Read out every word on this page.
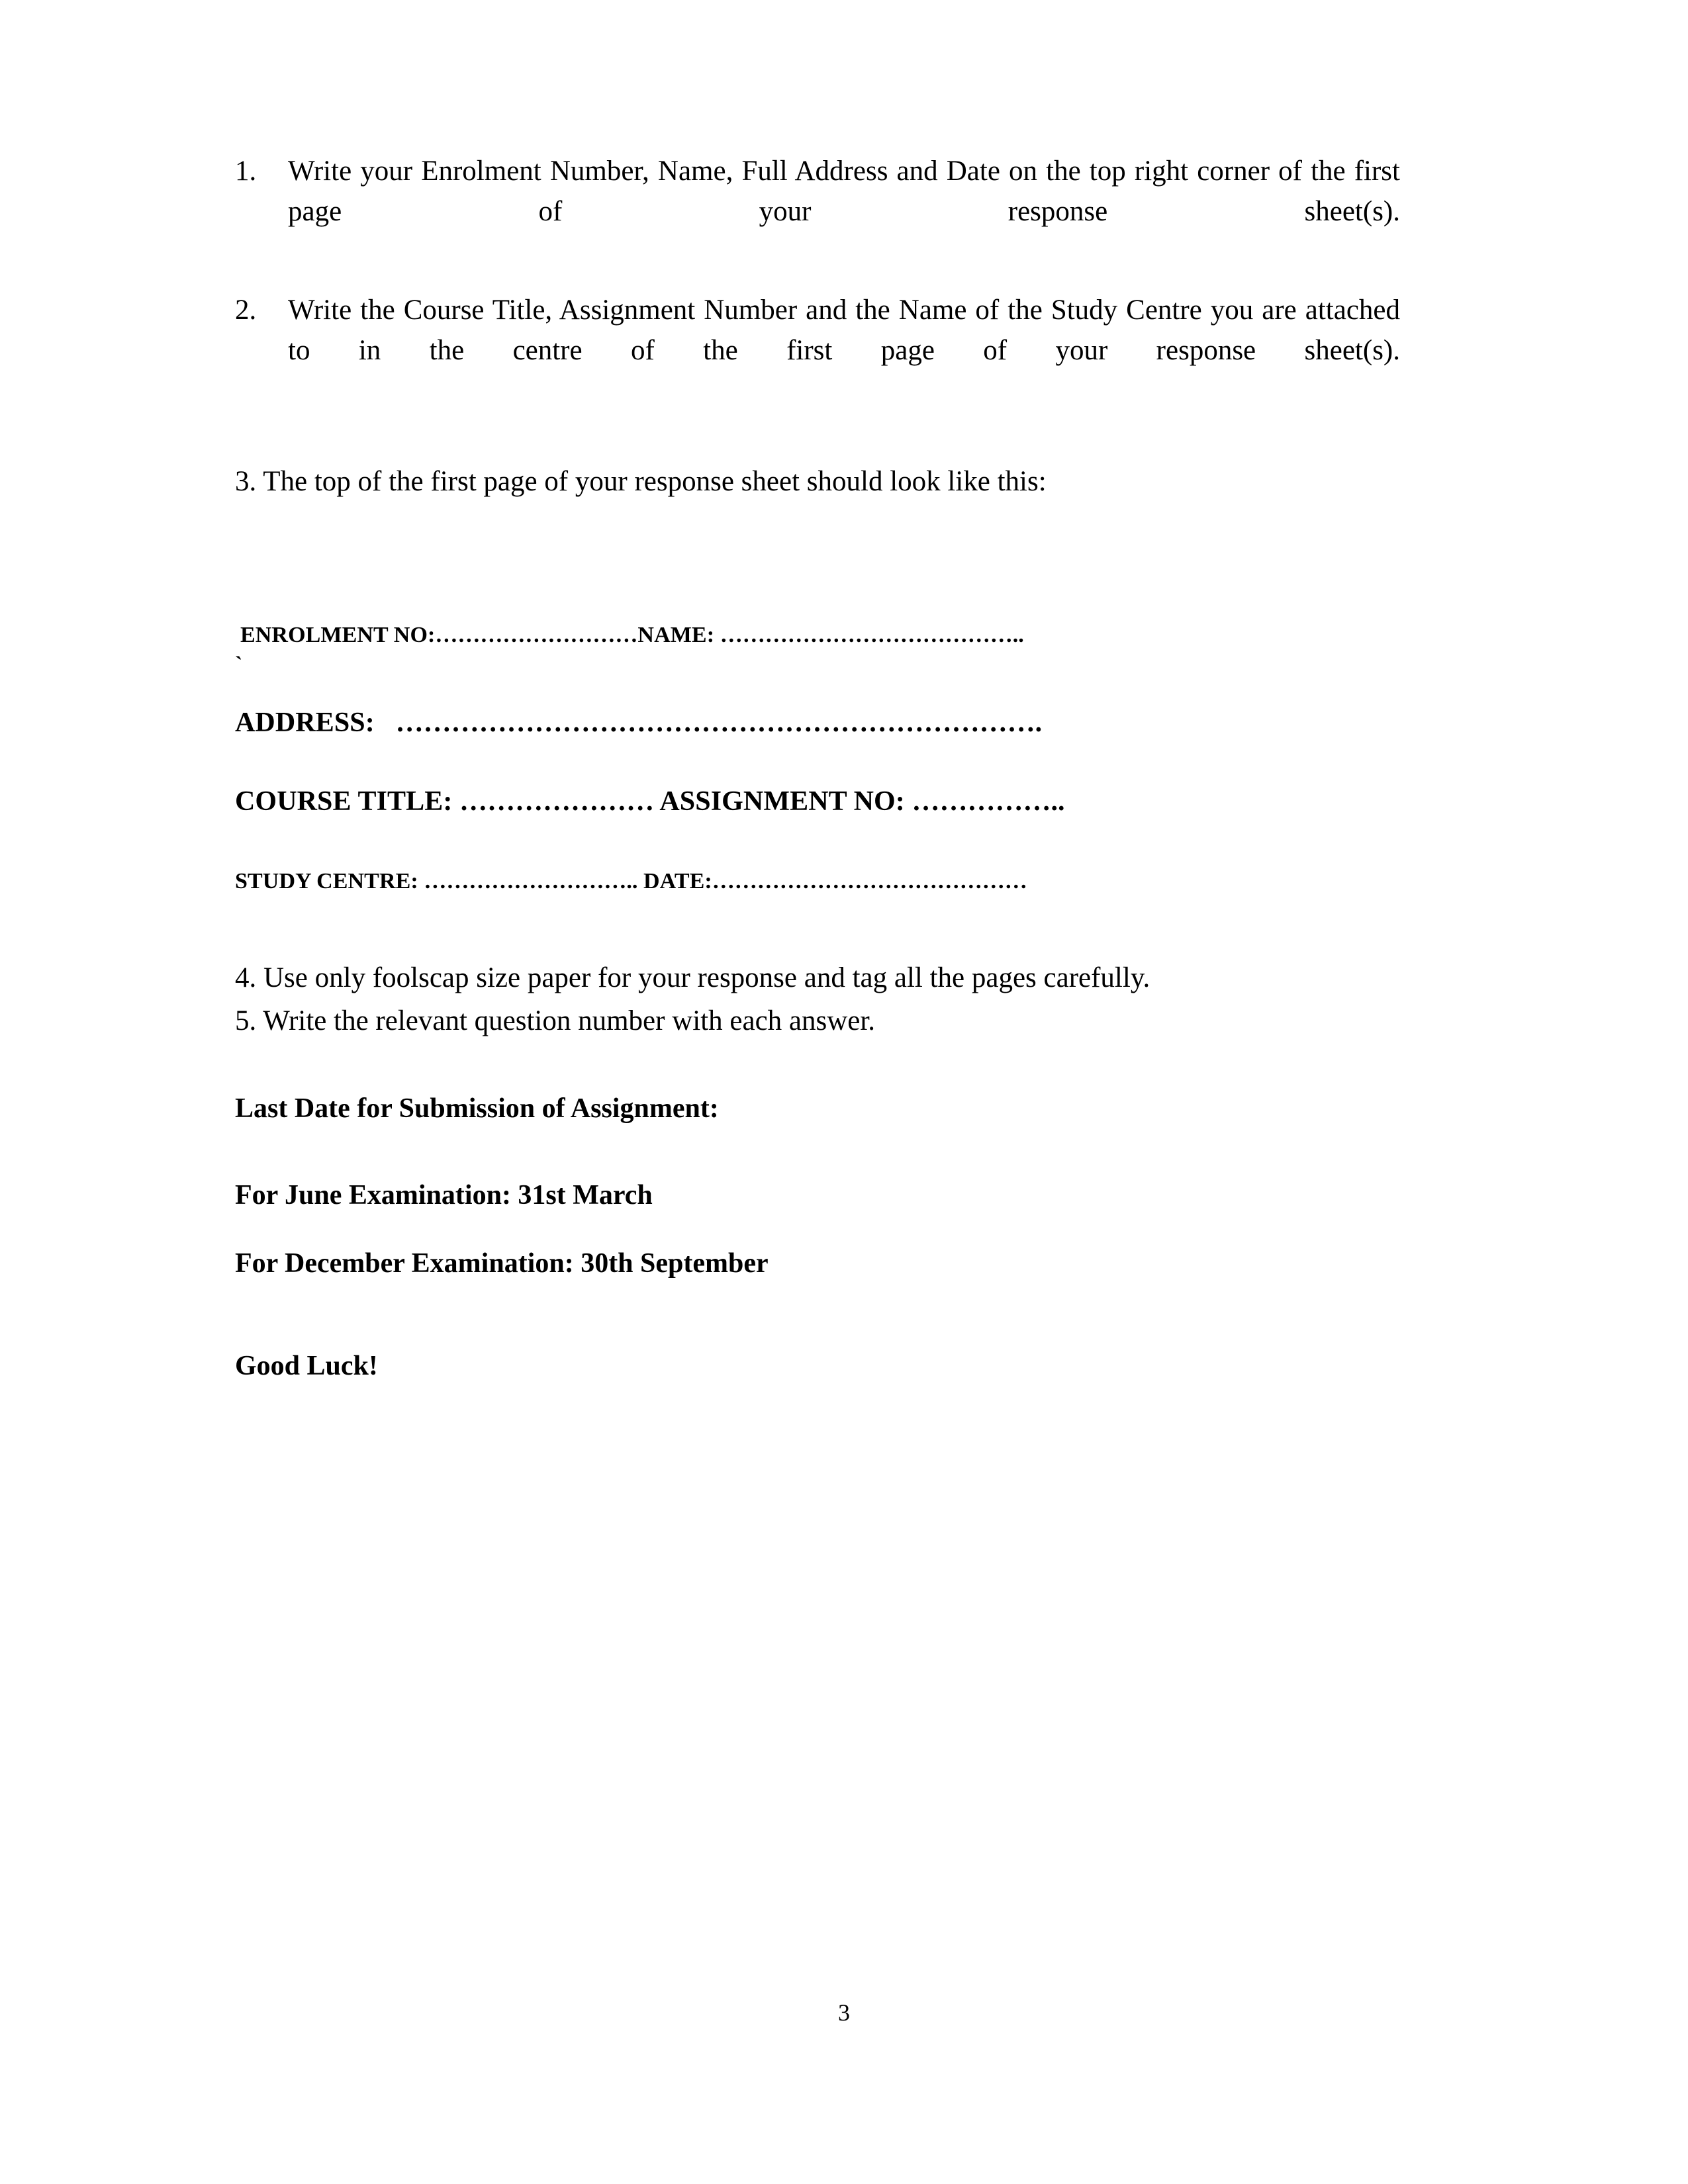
1.	Write your Enrolment Number, Name, Full Address and Date on the top right corner of the first page of your response sheet(s).
2.	Write the Course Title, Assignment Number and the Name of the Study Centre you are attached to in the centre of the first page of your response sheet(s).
3. The top of the first page of your response sheet should look like this:
ENROLMENT NO:………………………NAME: …………………………………..
`
ADDRESS: …………………………………………………………….
COURSE TITLE: ………………… ASSIGNMENT NO: ……………..
STUDY CENTRE: ……………………….. DATE:……………………………………
4. Use only foolscap size paper for your response and tag all the pages carefully.
5. Write the relevant question number with each answer.
Last Date for Submission of Assignment:
For June Examination: 31st March
For December Examination: 30th September
Good Luck!
3
